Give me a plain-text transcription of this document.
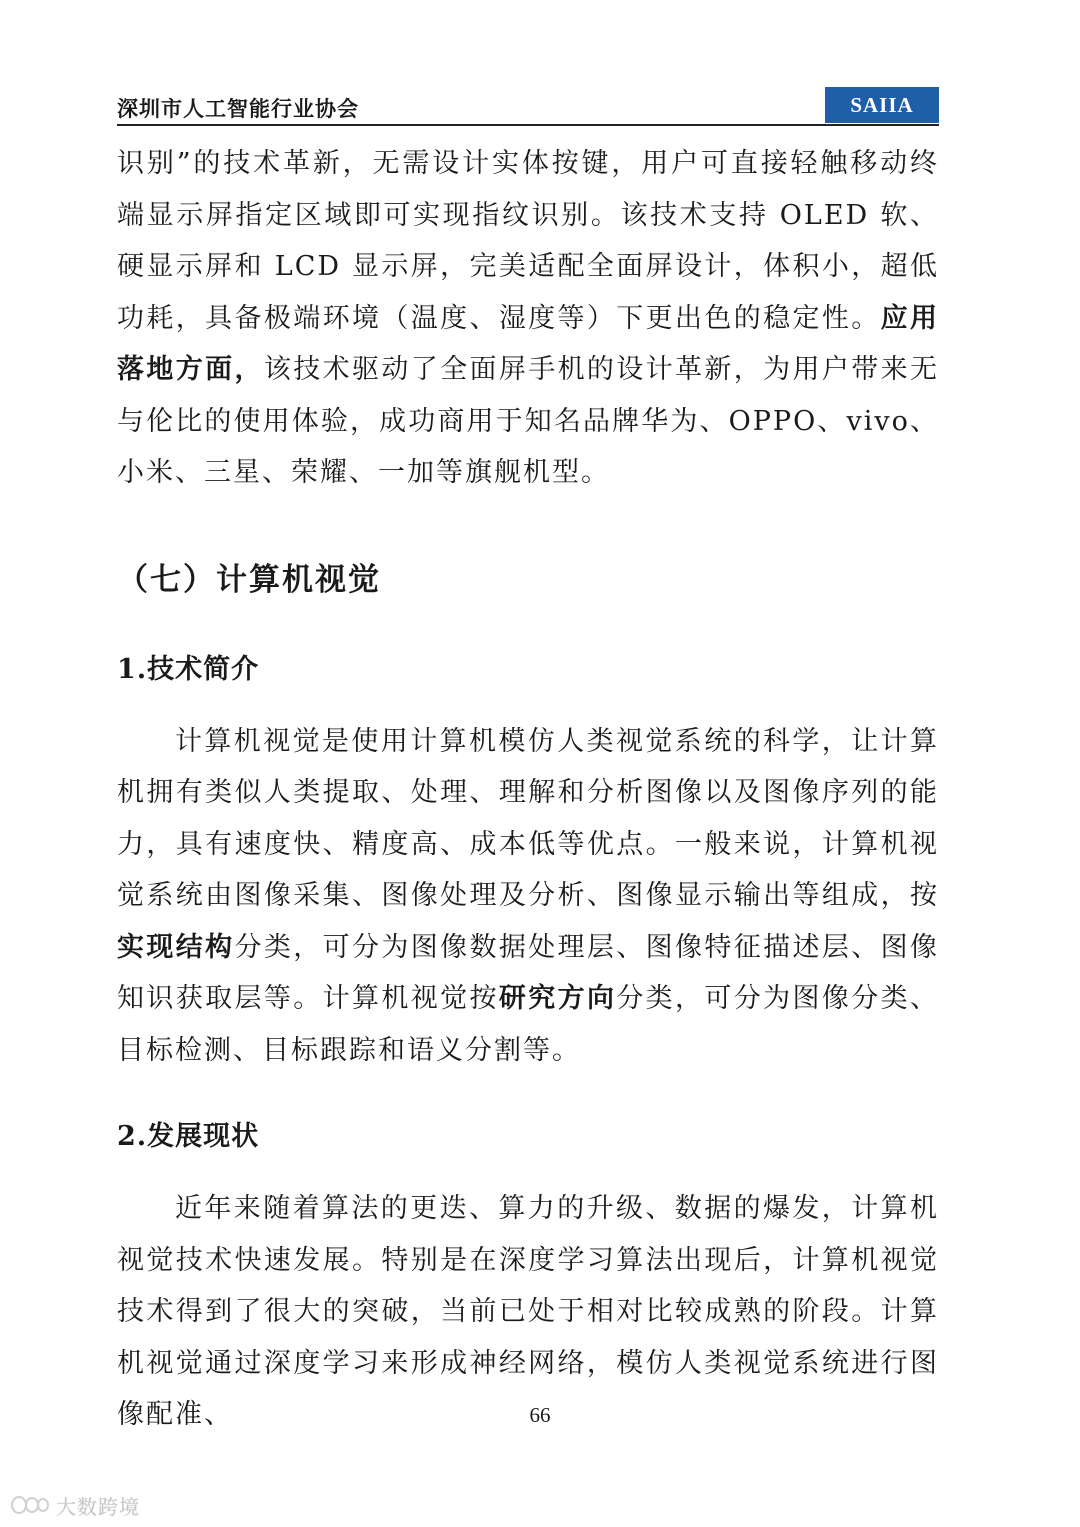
深圳市人工智能行业协会	SAIIA

识别”的技术革新，无需设计实体按键，用户可直接轻触移动终端显示屏指定区域即可实现指纹识别。该技术支持 OLED 软、硬显示屏和 LCD 显示屏，完美适配全面屏设计，体积小，超低功耗，具备极端环境（温度、湿度等）下更出色的稳定性。应用落地方面，该技术驱动了全面屏手机的设计革新，为用户带来无与伦比的使用体验，成功商用于知名品牌华为、OPPO、vivo、小米、三星、荣耀、一加等旗舰机型。

（七）计算机视觉
1.技术简介

计算机视觉是使用计算机模仿人类视觉系统的科学，让计算机拥有类似人类提取、处理、理解和分析图像以及图像序列的能力，具有速度快、精度高、成本低等优点。一般来说，计算机视觉系统由图像采集、图像处理及分析、图像显示输出等组成，按实现结构分类，可分为图像数据处理层、图像特征描述层、图像知识获取层等。计算机视觉按研究方向分类，可分为图像分类、目标检测、目标跟踪和语义分割等。

2.发展现状

近年来随着算法的更迭、算力的升级、数据的爆发，计算机视觉技术快速发展。特别是在深度学习算法出现后，计算机视觉技术得到了很大的突破，当前已处于相对比较成熟的阶段。计算机视觉通过深度学习来形成神经网络，模仿人类视觉系统进行图像配准、	66
大数跨境
